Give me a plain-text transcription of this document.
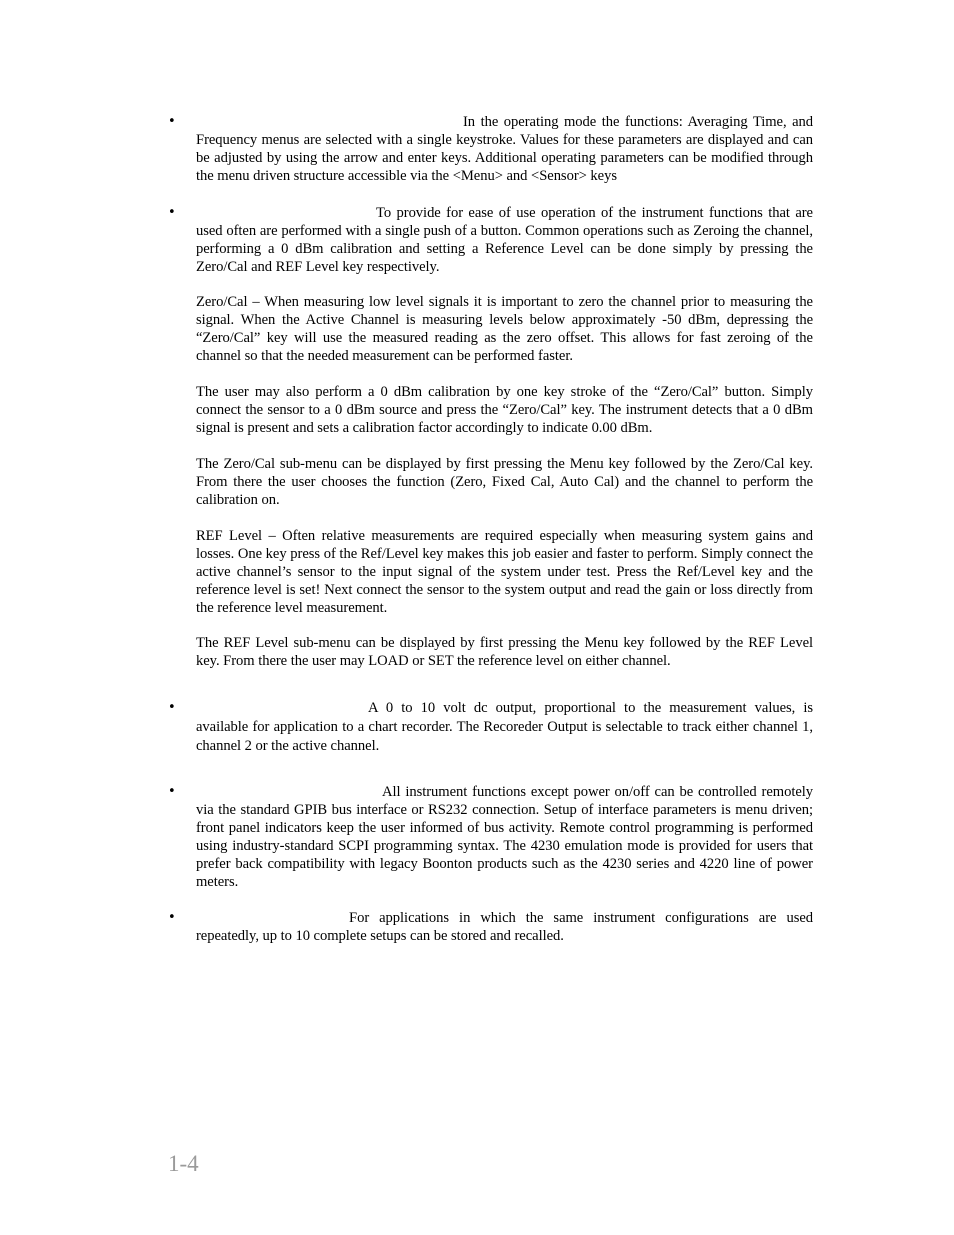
•	In the operating mode the functions: Averaging Time, and Frequency menus are selected with a single keystroke. Values for these parameters are displayed and can be adjusted by using the arrow and enter keys. Additional operating parameters can be modified through the menu driven structure accessible via the <Menu> and <Sensor> keys

•	To provide for ease of use operation of the instrument functions that are used often are performed with a single push of a button. Common operations such as Zeroing the channel, performing a 0 dBm calibration and setting a Reference Level can be done simply by pressing the Zero/Cal and REF Level key respectively.

Zero/Cal – When measuring low level signals it is important to zero the channel prior to measuring the signal. When the Active Channel is measuring levels below approximately -50 dBm, depressing the “Zero/Cal” key will use the measured reading as the zero offset. This allows for fast zeroing of the channel so that the needed measurement can be performed faster.

The user may also perform a 0 dBm calibration by one key stroke of the “Zero/Cal” button. Simply connect the sensor to a 0 dBm source and press the “Zero/Cal” key. The instrument detects that a 0 dBm signal is present and sets a calibration factor accordingly to indicate 0.00 dBm.

The Zero/Cal sub-menu can be displayed by first pressing the Menu key followed by the Zero/Cal key. From there the user chooses the function (Zero, Fixed Cal, Auto Cal) and the channel to perform the calibration on.

REF Level – Often relative measurements are required especially when measuring system gains and losses. One key press of the Ref/Level key makes this job easier and faster to perform. Simply connect the active channel’s sensor to the input signal of the system under test. Press the Ref/Level key and the reference level is set! Next connect the sensor to the system output and read the gain or loss directly from the reference level measurement.

The REF Level sub-menu can be displayed by first pressing the Menu key followed by the REF Level key. From there the user may LOAD or SET the reference level on either channel.

•	A 0 to 10 volt dc output, proportional to the measurement values, is available for application to a chart recorder. The Recoreder Output is selectable to track either channel 1, channel 2 or the active channel.

•	All instrument functions except power on/off can be controlled remotely via the standard GPIB bus interface or RS232 connection. Setup of interface parameters is menu driven; front panel indicators keep the user informed of bus activity. Remote control programming is performed using industry-standard SCPI programming syntax. The 4230 emulation mode is provided for users that prefer back compatibility with legacy Boonton products such as the 4230 series and 4220 line of power meters.

•	For applications in which the same instrument configurations are used repeatedly, up to 10 complete setups can be stored and recalled.

1-4
